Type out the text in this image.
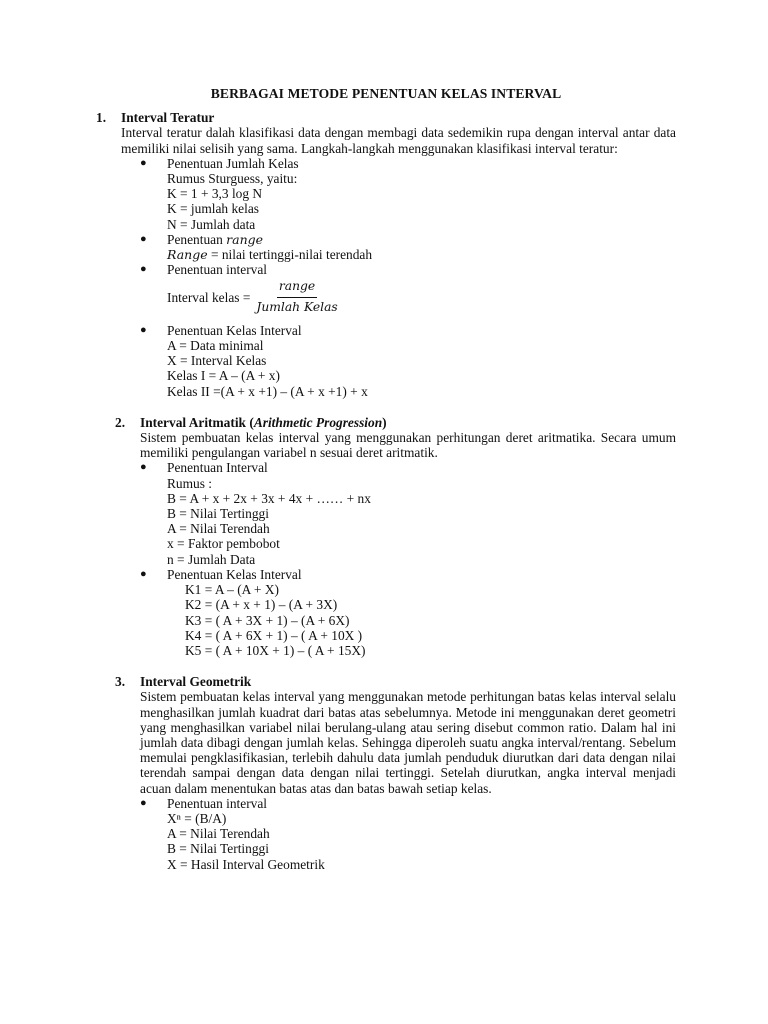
BERBAGAI METODE PENENTUAN KELAS INTERVAL
1.	Interval Teratur
Interval teratur dalah klasifikasi data dengan membagi data sedemikin rupa dengan interval antar data memiliki nilai selisih yang sama. Langkah-langkah menggunakan klasifikasi interval teratur:
●	Penentuan Jumlah Kelas
Rumus Sturguess, yaitu:
K = 1 + 3,3 log N
K = jumlah kelas
N = Jumlah data
●	Penentuan range
Range = nilai tertinggi-nilai terendah
●	Penentuan interval
Interval kelas = $\frac{\text{range}}{\text{Jumlah Kelas}}$
●	Penentuan Kelas Interval
A = Data minimal
X = Interval Kelas
Kelas I = A – (A + x)
Kelas II =(A + x +1) – (A + x +1) + x
2.	Interval Aritmatik (Arithmetic Progression)
Sistem pembuatan kelas interval yang menggunakan perhitungan deret aritmatika. Secara umum memiliki pengulangan variabel n sesuai deret aritmatik.
●	Penentuan Interval
Rumus :
B = A + x + 2x + 3x + 4x + …… + nx
B = Nilai Tertinggi
A = Nilai Terendah
x = Faktor pembobot
n = Jumlah Data
●	Penentuan Kelas Interval
K1 = A – (A + X)
K2 = (A + x + 1) – (A + 3X)
K3 = ( A + 3X + 1) – (A + 6X)
K4 = ( A + 6X + 1) – ( A + 10X )
K5 = ( A + 10X + 1) – ( A + 15X)
3.	Interval Geometrik
Sistem pembuatan kelas interval yang menggunakan metode perhitungan batas kelas interval selalu menghasilkan jumlah kuadrat dari batas atas sebelumnya. Metode ini menggunakan deret geometri yang menghasilkan variabel nilai berulang-ulang atau sering disebut common ratio. Dalam hal ini jumlah data dibagi dengan jumlah kelas. Sehingga diperoleh suatu angka interval/rentang. Sebelum memulai pengklasifikasian, terlebih dahulu data jumlah penduduk diurutkan dari data dengan nilai terendah sampai dengan data dengan nilai tertinggi. Setelah diurutkan, angka interval menjadi acuan dalam menentukan batas atas dan batas bawah setiap kelas.
●	Penentuan interval
Xⁿ = (B/A)
A = Nilai Terendah
B = Nilai Tertinggi
X = Hasil Interval Geometrik
